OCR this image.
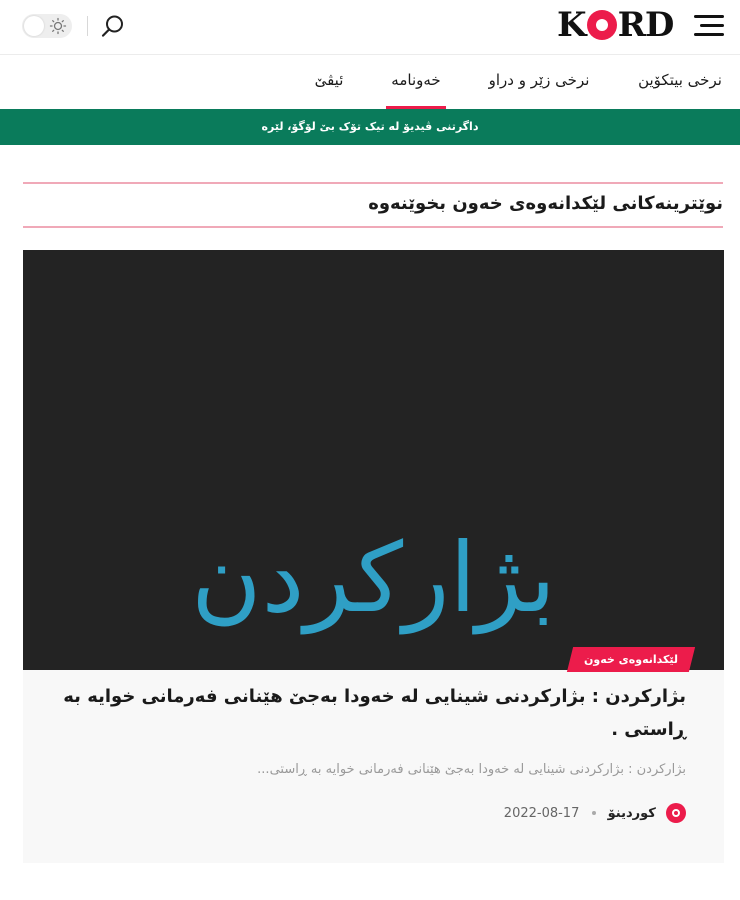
K RD
نرخی بیتکۆین
نرخی زێر و دراو
خەونامە
ئیڤێ
داگرتنی ڤیدیۆ لە تیک تۆک بێ لۆگۆ، لێرە
نوێترینەکانی لێکدانەوەی خەون بخوێنەوە
بژارکردن
لێکدانەوەی خەون
بژارکردن : بژارکردنی شینایی لە خەودا بەجێ هێنانی فەرمانی خوایە بە ڕاستی .
بژارکردن : بژارکردنی شینایی لە خەودا بەجێ هێنانی فەرمانی خوایە بە ڕاستی...
کوردینۆ  2022-08-17
